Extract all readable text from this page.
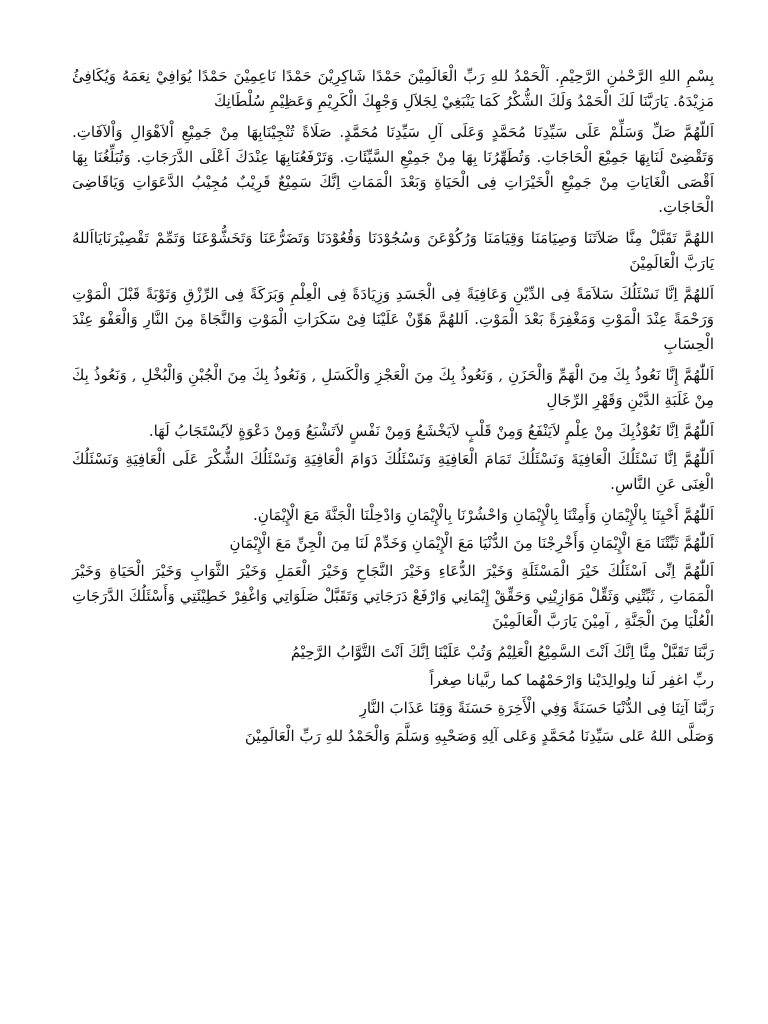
بِسْمِ اللهِ الرَّحْمٰنِ الرَّحِيْمِ. اَلْحَمْدُ للهِ رَبِّ الْعَالَمِيْنَ حَمْدًا شَاكِرِيْنَ حَمْدًا نَاعِمِيْنَ حَمْدًا يُوَافِيْ نِعَمَهُ وَيُكَافِئُ مَزِيْدَهُ. يَارَبَّنَا لَكَ الْحَمْدُ وَلَكَ الشُّكْرُ كَمَا يَنْبَغِيْ لِجَلاَلِ وَجْهِكَ الْكَرِيْمِ وَعَظِيْمِ سُلْطَانِكَ

اَللّهُمَّ صَلِّ وَسَلِّمْ عَلَى سَيِّدِنَا مُحَمَّدٍ وَعَلَى آلِ سَيِّدِنَا مُحَمَّدٍ. صَلَاةً تُنْجِيْنَابِهَا مِنْ جَمِيْعِ اْلاَهْوَالِ وَاْلآفَاتِ. وَتَقْضِىْ لَنَابِهَا جَمِيْعَ الْحَاجَاتِ. وَتُطَهِّرُنَا بِهَا مِنْ جَمِيْعِ السَّيِّئَاتِ. وَتَرْفَعُنَابِهَا عِنْدَكَ اَعْلَى الدَّرَجَاتِ. وَتُبَلِّغُنَا بِهَا اَقْصَى الْغَايَاتِ مِنْ جَمِيْعِ الْخَيْرَاتِ فِى الْحَيَاةِ وَبَعْدَ الْمَمَاتِ اِنَّكَ سَمِيْعٌ قَرِيْبٌ مُجِيْبُ الدَّعَوَاتِ وَيَاقَاضِىَ الْحَاجَاتِ.

اللهُمَّ تَقَبَّلْ مِنَّا صَلاَتَنَا وَصِيَامَنَا وَقِيَامَنَا وَرُكُوْعَنَ وَسُجُوْدَنَا وَقُعُوْدَنَا وَتَضَرُّعَنَا وَتَخَشُّوْعَنَا وَتَمِّمْ تَقْصِيْرَنَايَااَللهُ يَارَبَّ الْعَالَمِيْنَ

اَللهُمَّ اِنَّا نَسْئَلُكَ سَلاَمَةً فِى الدِّيْنِ وَعَافِيَةً فِى الْجَسَدِ وَزِيَادَةً فِى الْعِلْمِ وَبَرَكَةً فِى الرِّزْقِ وَتَوْبَةً قَبْلَ الْمَوْتِ وَرَحْمَةً عِنْدَ الْمَوْتِ وَمَغْفِرَةً بَعْدَ الْمَوْتِ. اَللهُمَّ هَوِّنْ عَلَيْنَا فِىْ سَكَرَاتِ الْمَوْتِ وَالنَّجَاةَ مِنَ النَّارِ وَالْعَفْوَ عِنْدَ الْحِسَابِ

اَللّٰهُمَّ إِنَّا نَعُوذُ بِكَ مِنَ الْهَمِّ وَالْحَزَنِ , وَنَعُوذُ بِكَ مِنَ الْعَجْزِ وَالْكَسَلِ , وَنَعُوذُ بِكَ مِنَ الْجُبْنِ وَالْبُخْلِ , وَنَعُوذُ بِكَ مِنْ غَلَبَةِ الدَّيْنِ وَقَهْرِ الرِّجَالِ

اَللّٰهُمَّ اِنَّا نَعُوْذُبِكَ مِنْ عِلْمٍ لاَيَنْفَعُ وَمِنْ قَلْبٍ لاَيَخْشَعُ وَمِنْ نَفْسٍ لاَتَشْبَعُ وَمِنْ دَعْوَةٍ لاَيُسْتَجَابُ لَهَا.

اَللّٰهُمَّ اِنَّا نَسْئَلُكَ الْعَافِيَةَ وَنَسْئَلُكَ تَمَامَ الْعَافِيَةِ وَنَسْئَلُكَ دَوَامَ الْعَافِيَةِ وَنَسْئَلُكَ الشُّكْرَ عَلَى الْعَافِيَةِ وَنَسْئَلُكَ الْغِنَى عَنِ النَّاسِ.

اَللّٰهُمَّ أَحْيِنَا بِالْإِيْمَانِ وَأَمِتْنَا بِالْإِيْمَانِ وَاحْشُرْنَا بِالْإِيْمَانِ وَادْخِلْنَا الْجَنَّةَ مَعَ الْإِيْمَانِ.

اَللّٰهُمَّ ثَبِّتْنَا مَعَ الْإِيْمَانِ وَأَخْرِجْنَا مِنَ الدُّنْيَا مَعَ الْإِيْمَانِ وَخَدِّمْ لَنَا مِنَ الْجِنِّ مَعَ الْإِيْمَانِ

اَللّٰهُمَّ اِنِّى اَسْئَلُكَ خَيْرَ الْمَسْئَلَةِ وَخَيْرَ الدُّعَاءِ وَخَيْرَ النَّجَاحِ وَخَيْرَ الْعَمَلِ وَخَيْرَ الثَّوَابِ وَخَيْرَ الْحَيَاةِ وَخَيْرَ الْمَمَاتِ , ثَبِّتْنِي وَثَقِّلْ مَوَازِيْنِي وَحَقِّقْ إِيْمَانِي وَارْفَعْ دَرَجَاتِي وَتَقَبَّلْ صَلَوَاتِي وَاغْفِرْ خَطِيْئَتِي وَأَسْئَلُكَ الدَّرَجَاتِ الْعُلْيَا مِنَ الْجَنَّةِ , آمِيْنَ يَارَبَّ الْعَالَمِيْنَ

رَبَّنَا تَقَبَّلْ مِنَّا اِنَّكَ اَنْتَ السَّمِيْعُ الْعَلِيْمُ وَتُبْ عَلَيْنَا اِنَّكَ اَنْتَ التَّوَّابُ الرَّحِيْمُ

ربِّ اغفِر لَنا ولِوالِدَيْنا وَارْحَمْهُما كما ربَّيانا صِغراً

رَبَّنَا آتِنَا فِى الدُّنْيَا حَسَنَةً وَفِي الْأَخِرَةِ حَسَنَةً وَقِنَا عَذَابَ النَّارِ

وَصَلَّى اللهُ عَلى سَيِّدِنَا مُحَمَّدٍ وَعَلى آلِهِ وَصَحْبِهِ وَسَلَّمَ وَالْحَمْدُ للهِ رَبِّ الْعَالَمِيْنَ
